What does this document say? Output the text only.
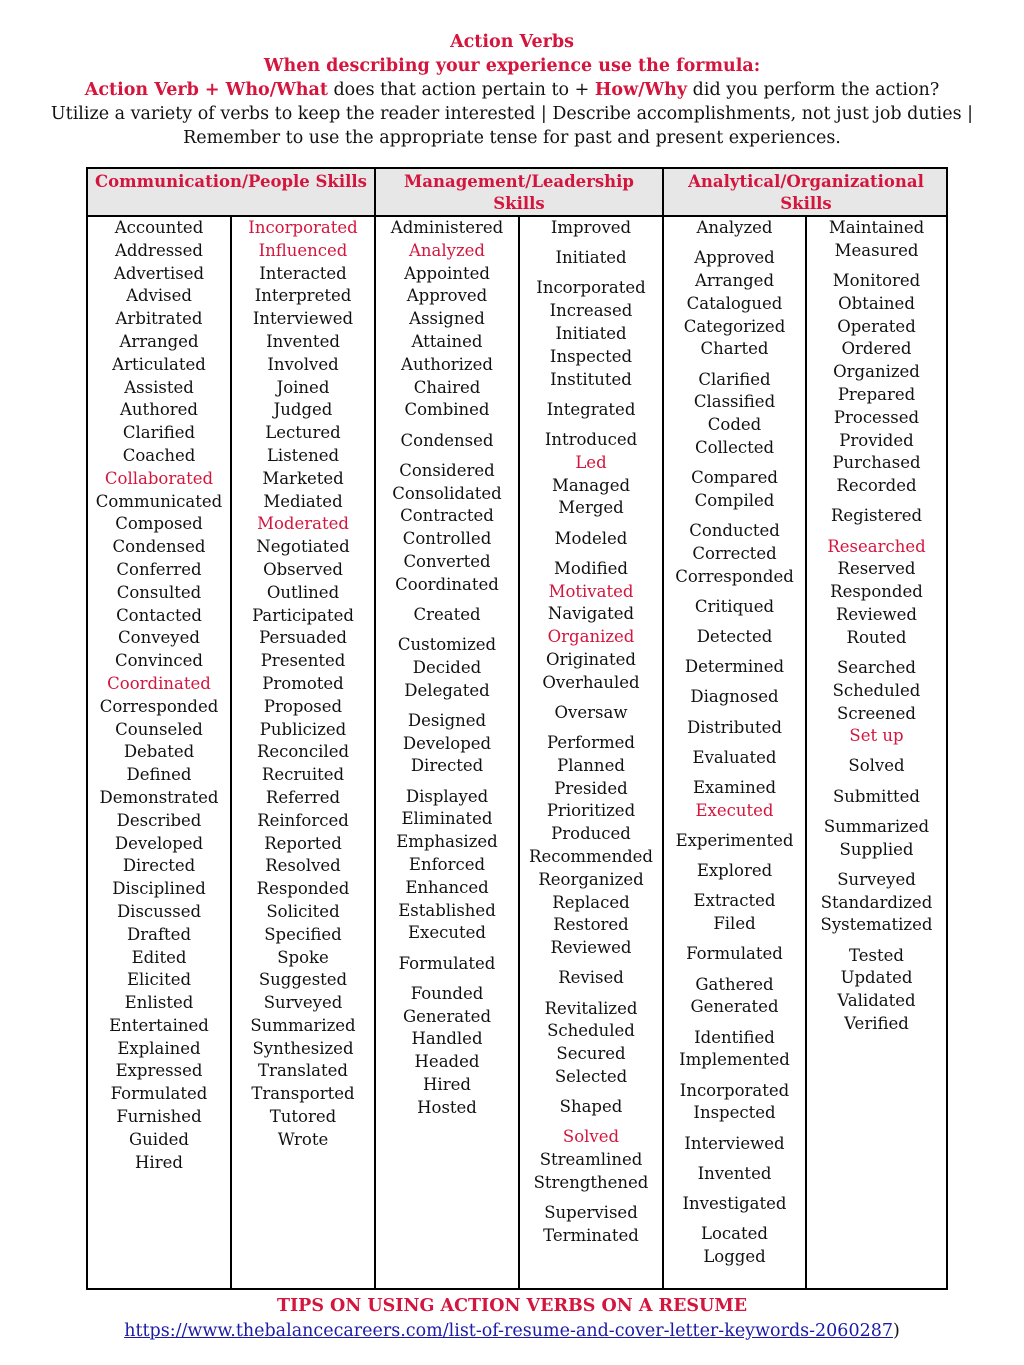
Action Verbs
When describing your experience use the formula:
Action Verb + Who/What does that action pertain to + How/Why did you perform the action?
Utilize a variety of verbs to keep the reader interested | Describe accomplishments, not just job duties |
Remember to use the appropriate tense for past and present experiences.
Communication/People Skills	Management/Leadership Skills
Analytical/Organizational
Skills
Accounted
Addressed
Advertised
Advised
Arbitrated
Arranged
Articulated
Assisted
Authored
Clarified
Coached
Collaborated
Communicated
Composed
Condensed
Conferred
Consulted
Contacted
Conveyed
Convinced
Coordinated
Corresponded
Counseled
Debated
Defined
Demonstrated
Described
Developed
Directed
Disciplined
Discussed
Drafted
Edited
Elicited
Enlisted
Entertained
Explained
Expressed
Formulated
Furnished
Guided
Hired
Incorporated
Influenced
Interacted
Interpreted
Interviewed
Invented
Involved
Joined
Judged
Lectured
Listened
Marketed
Mediated
Moderated
Negotiated
Observed
Outlined
Participated
Persuaded
Presented
Promoted
Proposed
Publicized
Reconciled
Recruited
Referred
Reinforced
Reported
Resolved
Responded
Solicited
Specified
Spoke
Suggested
Surveyed
Summarized
Synthesized
Translated
Transported
Tutored
Wrote
Administered
Analyzed
Appointed
Approved
Assigned
Attained
Authorized
Chaired
Combined
Condensed
Considered
Consolidated
Contracted
Controlled
Converted
Coordinated
Created
Customized
Decided
Delegated
Designed
Developed
Directed
Displayed
Eliminated
Emphasized
Enforced
Enhanced
Established
Executed
Formulated
Founded
Generated
Handled
Headed
Hired
Hosted
Improved
Initiated
Incorporated
Increased
Initiated
Inspected
Instituted
Integrated
Introduced
Led
Managed
Merged
Modeled
Modified
Motivated
Navigated
Organized
Originated
Overhauled
Oversaw
Performed
Planned
Presided
Prioritized
Produced
Recommended
Reorganized
Replaced
Restored
Reviewed
Revised
Revitalized
Scheduled
Secured
Selected
Shaped
Solved
Streamlined
Strengthened
Supervised
Terminated
Analyzed
Approved
Arranged
Catalogued
Categorized
Charted
Clarified
Classified
Coded
Collected
Compared
Compiled
Conducted
Corrected
Corresponded
Critiqued
Detected
Determined
Diagnosed
Distributed
Evaluated
Examined
Executed
Experimented
Explored
Extracted
Filed
Formulated
Gathered
Generated
Identified
Implemented
Incorporated
Inspected
Interviewed
Invented
Investigated
Located
Logged
Maintained
Measured
Monitored
Obtained
Operated
Ordered
Organized
Prepared
Processed
Provided
Purchased
Recorded
Registered
Researched
Reserved
Responded
Reviewed
Routed
Searched
Scheduled
Screened
Set up
Solved
Submitted
Summarized
Supplied
Surveyed
Standardized
Systematized
Tested
Updated
Validated
Verified
TIPS ON USING ACTION VERBS ON A RESUME
https://www.thebalancecareers.com/list-of-resume-and-cover-letter-keywords-2060287)
